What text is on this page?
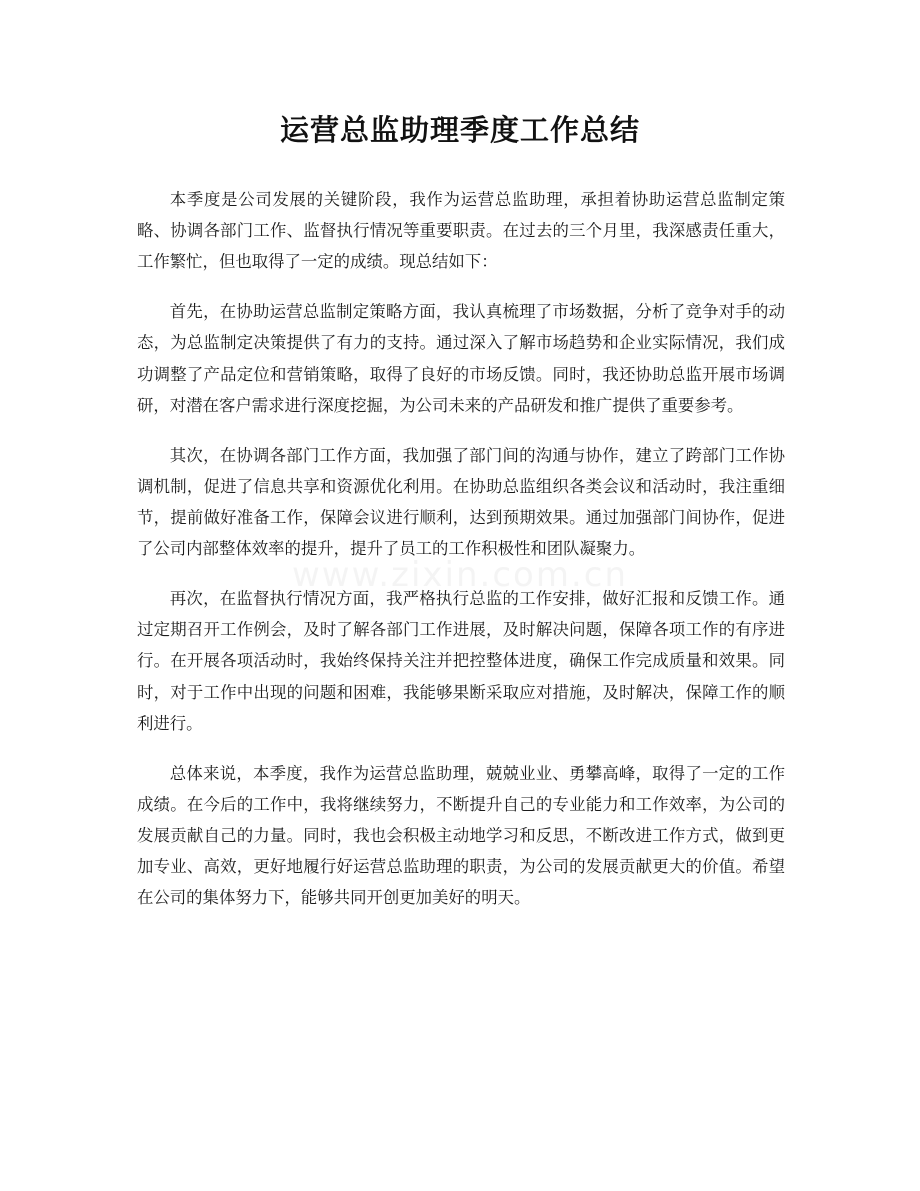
运营总监助理季度工作总结
www.zixin.com.cn

本季度是公司发展的关键阶段，我作为运营总监助理，承担着协助运营总监制定策略、协调各部门工作、监督执行情况等重要职责。在过去的三个月里，我深感责任重大，工作繁忙，但也取得了一定的成绩。现总结如下：

首先，在协助运营总监制定策略方面，我认真梳理了市场数据，分析了竞争对手的动态，为总监制定决策提供了有力的支持。通过深入了解市场趋势和企业实际情况，我们成功调整了产品定位和营销策略，取得了良好的市场反馈。同时，我还协助总监开展市场调研，对潜在客户需求进行深度挖掘，为公司未来的产品研发和推广提供了重要参考。

其次，在协调各部门工作方面，我加强了部门间的沟通与协作，建立了跨部门工作协调机制，促进了信息共享和资源优化利用。在协助总监组织各类会议和活动时，我注重细节，提前做好准备工作，保障会议进行顺利，达到预期效果。通过加强部门间协作，促进了公司内部整体效率的提升，提升了员工的工作积极性和团队凝聚力。

再次，在监督执行情况方面，我严格执行总监的工作安排，做好汇报和反馈工作。通过定期召开工作例会，及时了解各部门工作进展，及时解决问题，保障各项工作的有序进行。在开展各项活动时，我始终保持关注并把控整体进度，确保工作完成质量和效果。同时，对于工作中出现的问题和困难，我能够果断采取应对措施，及时解决，保障工作的顺利进行。

总体来说，本季度，我作为运营总监助理，兢兢业业、勇攀高峰，取得了一定的工作成绩。在今后的工作中，我将继续努力，不断提升自己的专业能力和工作效率，为公司的发展贡献自己的力量。同时，我也会积极主动地学习和反思，不断改进工作方式，做到更加专业、高效，更好地履行好运营总监助理的职责，为公司的发展贡献更大的价值。希望在公司的集体努力下，能够共同开创更加美好的明天。
